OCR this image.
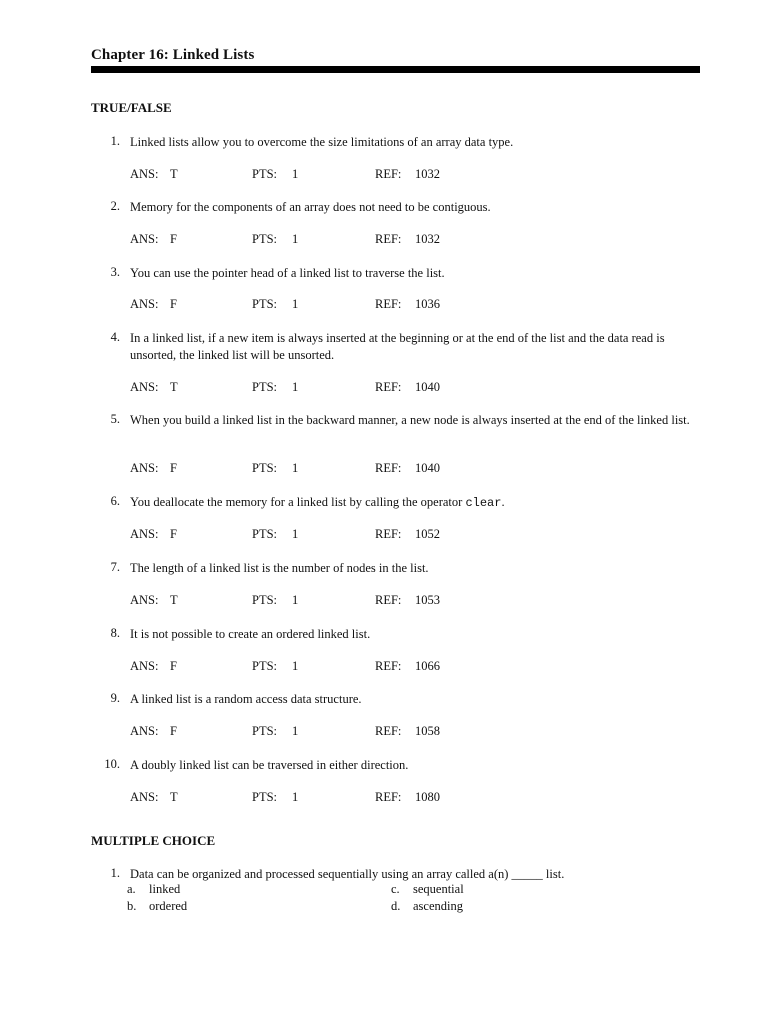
Chapter 16: Linked Lists
TRUE/FALSE
1. Linked lists allow you to overcome the size limitations of an array data type.
ANS: T	PTS: 1	REF: 1032
2. Memory for the components of an array does not need to be contiguous.
ANS: F	PTS: 1	REF: 1032
3. You can use the pointer head of a linked list to traverse the list.
ANS: F	PTS: 1	REF: 1036
4. In a linked list, if a new item is always inserted at the beginning or at the end of the list and the data read is unsorted, the linked list will be unsorted.
ANS: T	PTS: 1	REF: 1040
5. When you build a linked list in the backward manner, a new node is always inserted at the end of the linked list.
ANS: F	PTS: 1	REF: 1040
6. You deallocate the memory for a linked list by calling the operator clear.
ANS: F	PTS: 1	REF: 1052
7. The length of a linked list is the number of nodes in the list.
ANS: T	PTS: 1	REF: 1053
8. It is not possible to create an ordered linked list.
ANS: F	PTS: 1	REF: 1066
9. A linked list is a random access data structure.
ANS: F	PTS: 1	REF: 1058
10. A doubly linked list can be traversed in either direction.
ANS: T	PTS: 1	REF: 1080
MULTIPLE CHOICE
1. Data can be organized and processed sequentially using an array called a(n) _____ list.
a. linked
b. ordered
c. sequential
d. ascending
